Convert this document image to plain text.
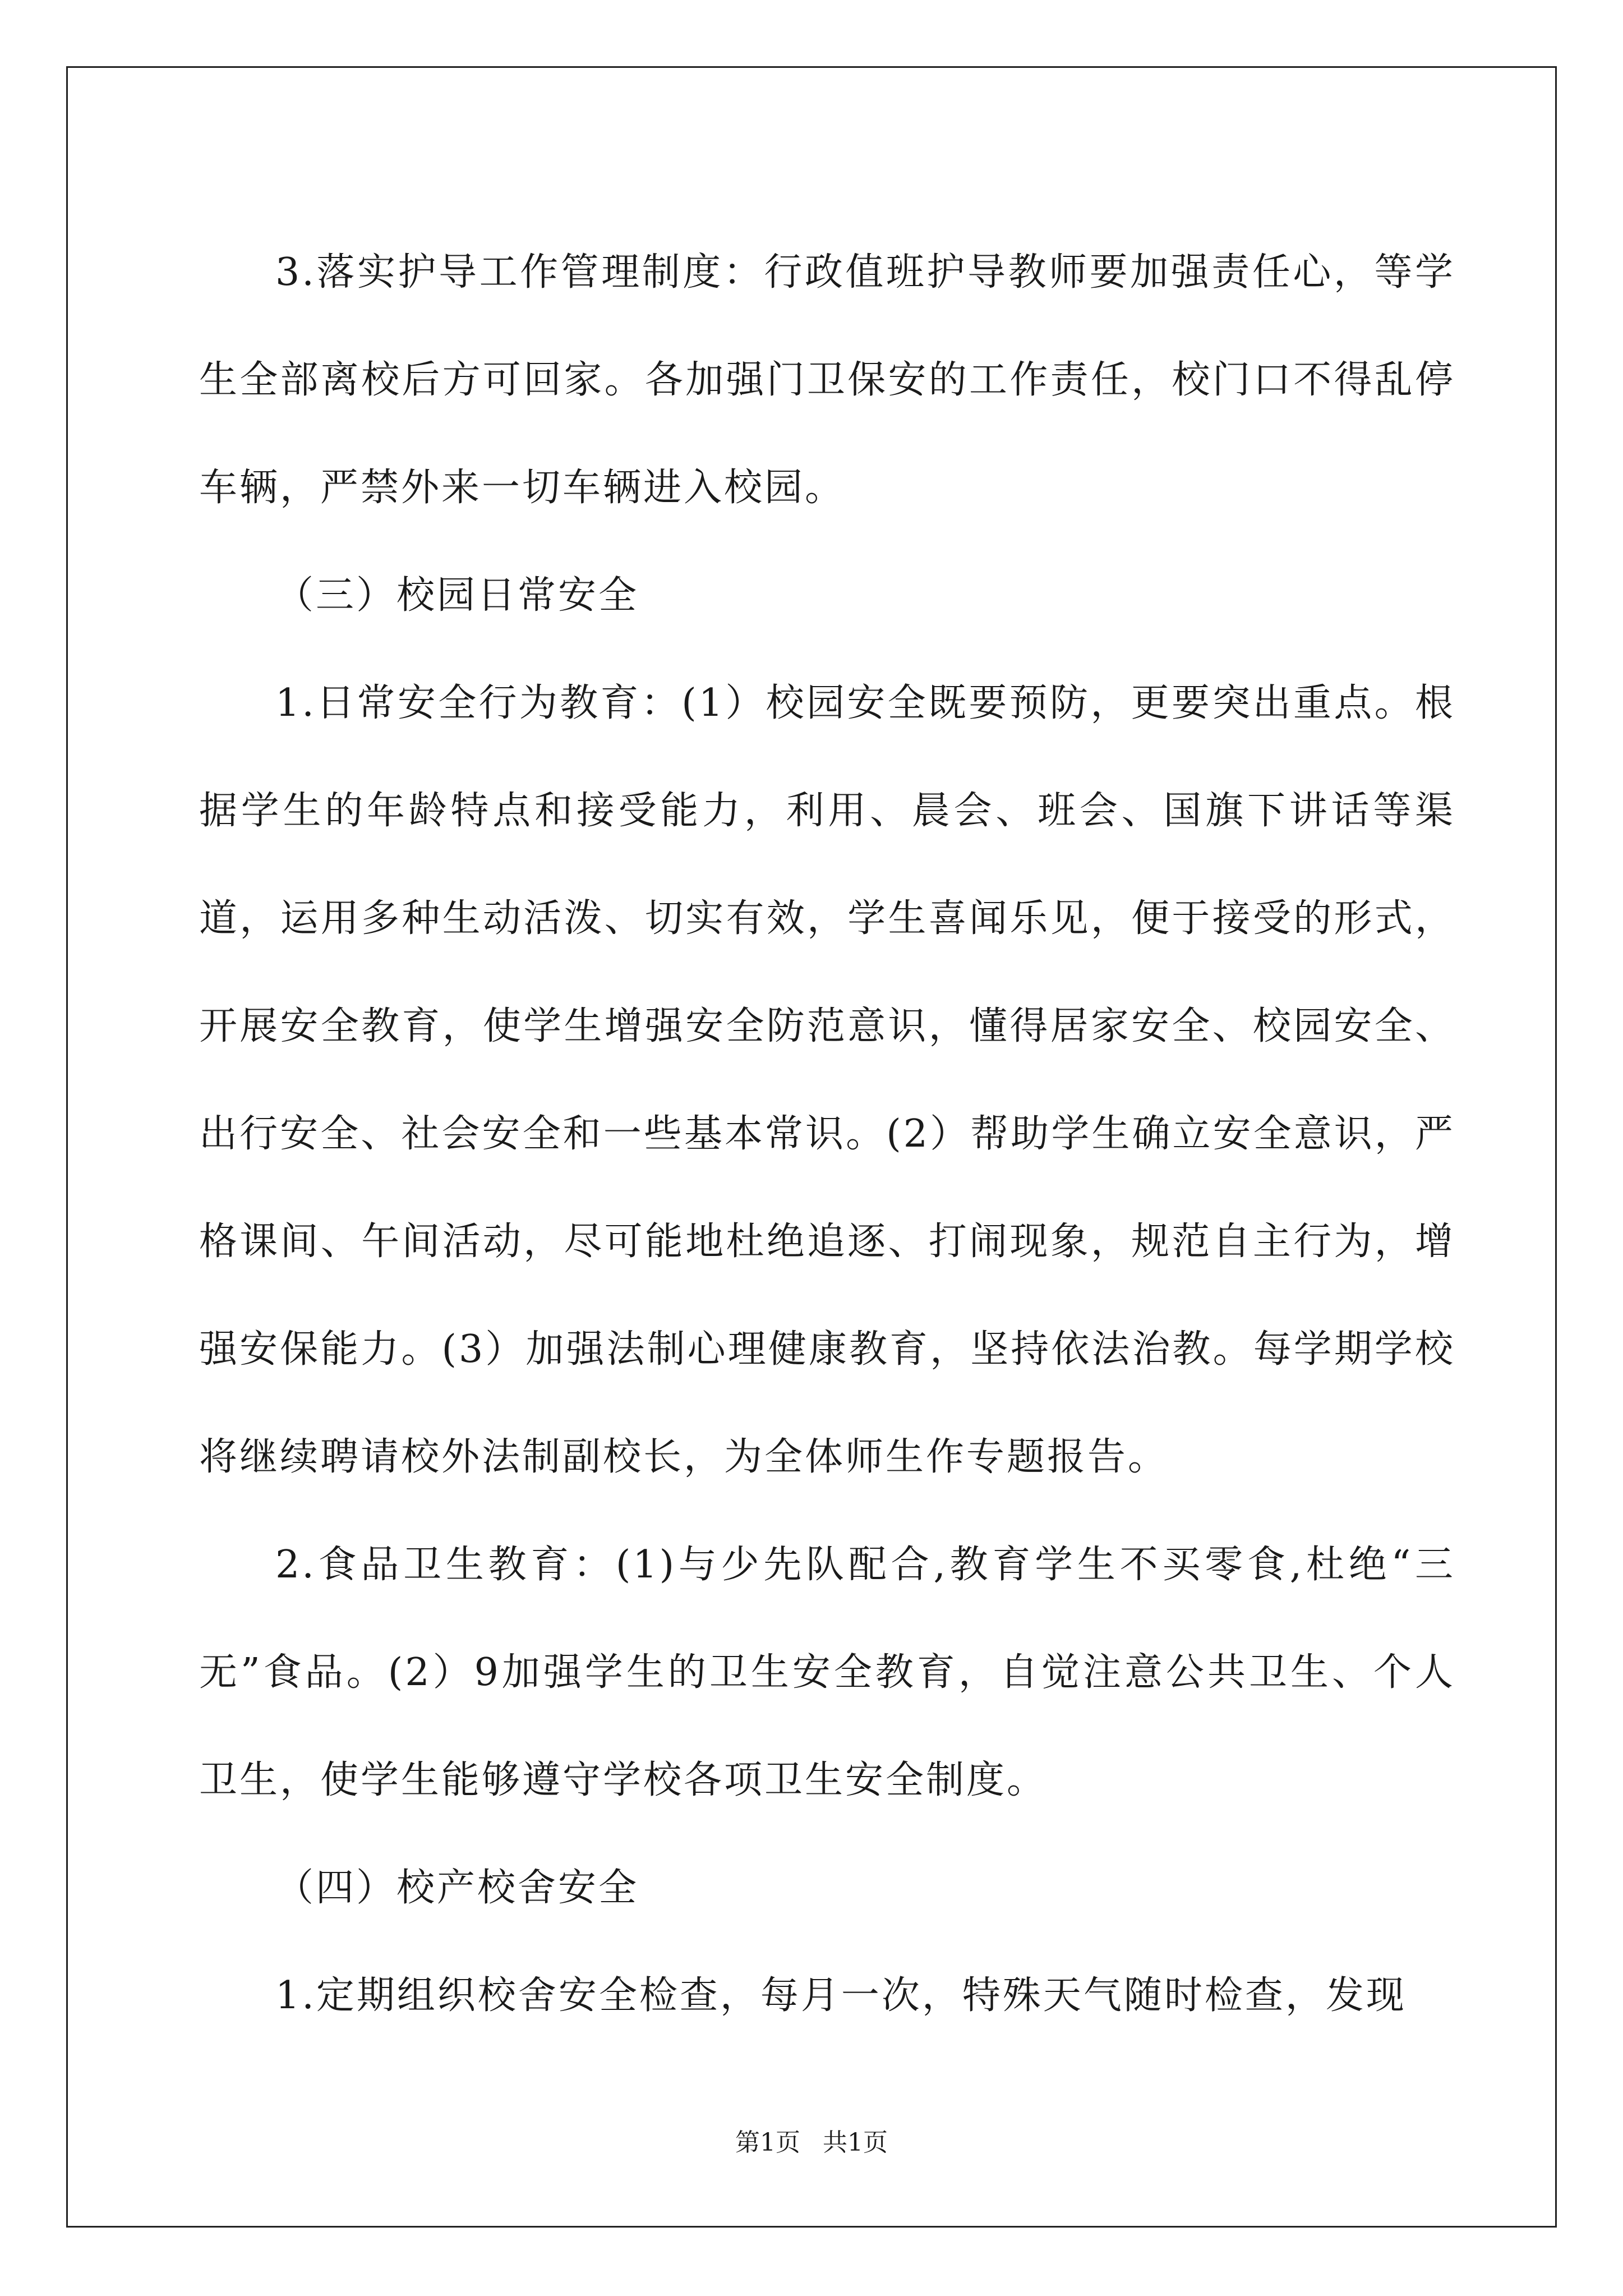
3.落实护导工作管理制度：行政值班护导教师要加强责任心，等学生全部离校后方可回家。各加强门卫保安的工作责任，校门口不得乱停车辆，严禁外来一切车辆进入校园。

（三）校园日常安全

1.日常安全行为教育：(1）校园安全既要预防，更要突出重点。根据学生的年龄特点和接受能力，利用、晨会、班会、国旗下讲话等渠道，运用多种生动活泼、切实有效，学生喜闻乐见，便于接受的形式，开展安全教育，使学生增强安全防范意识，懂得居家安全、校园安全、出行安全、社会安全和一些基本常识。(2）帮助学生确立安全意识，严格课间、午间活动，尽可能地杜绝追逐、打闹现象，规范自主行为，增强安保能力。(3）加强法制心理健康教育，坚持依法治教。每学期学校将继续聘请校外法制副校长，为全体师生作专题报告。

2.食品卫生教育：(1)与少先队配合,教育学生不买零食,杜绝“三无”食品。(2）9加强学生的卫生安全教育，自觉注意公共卫生、个人卫生，使学生能够遵守学校各项卫生安全制度。

（四）校产校舍安全

1.定期组织校舍安全检查，每月一次，特殊天气随时检查，发现

第1页 共1页
